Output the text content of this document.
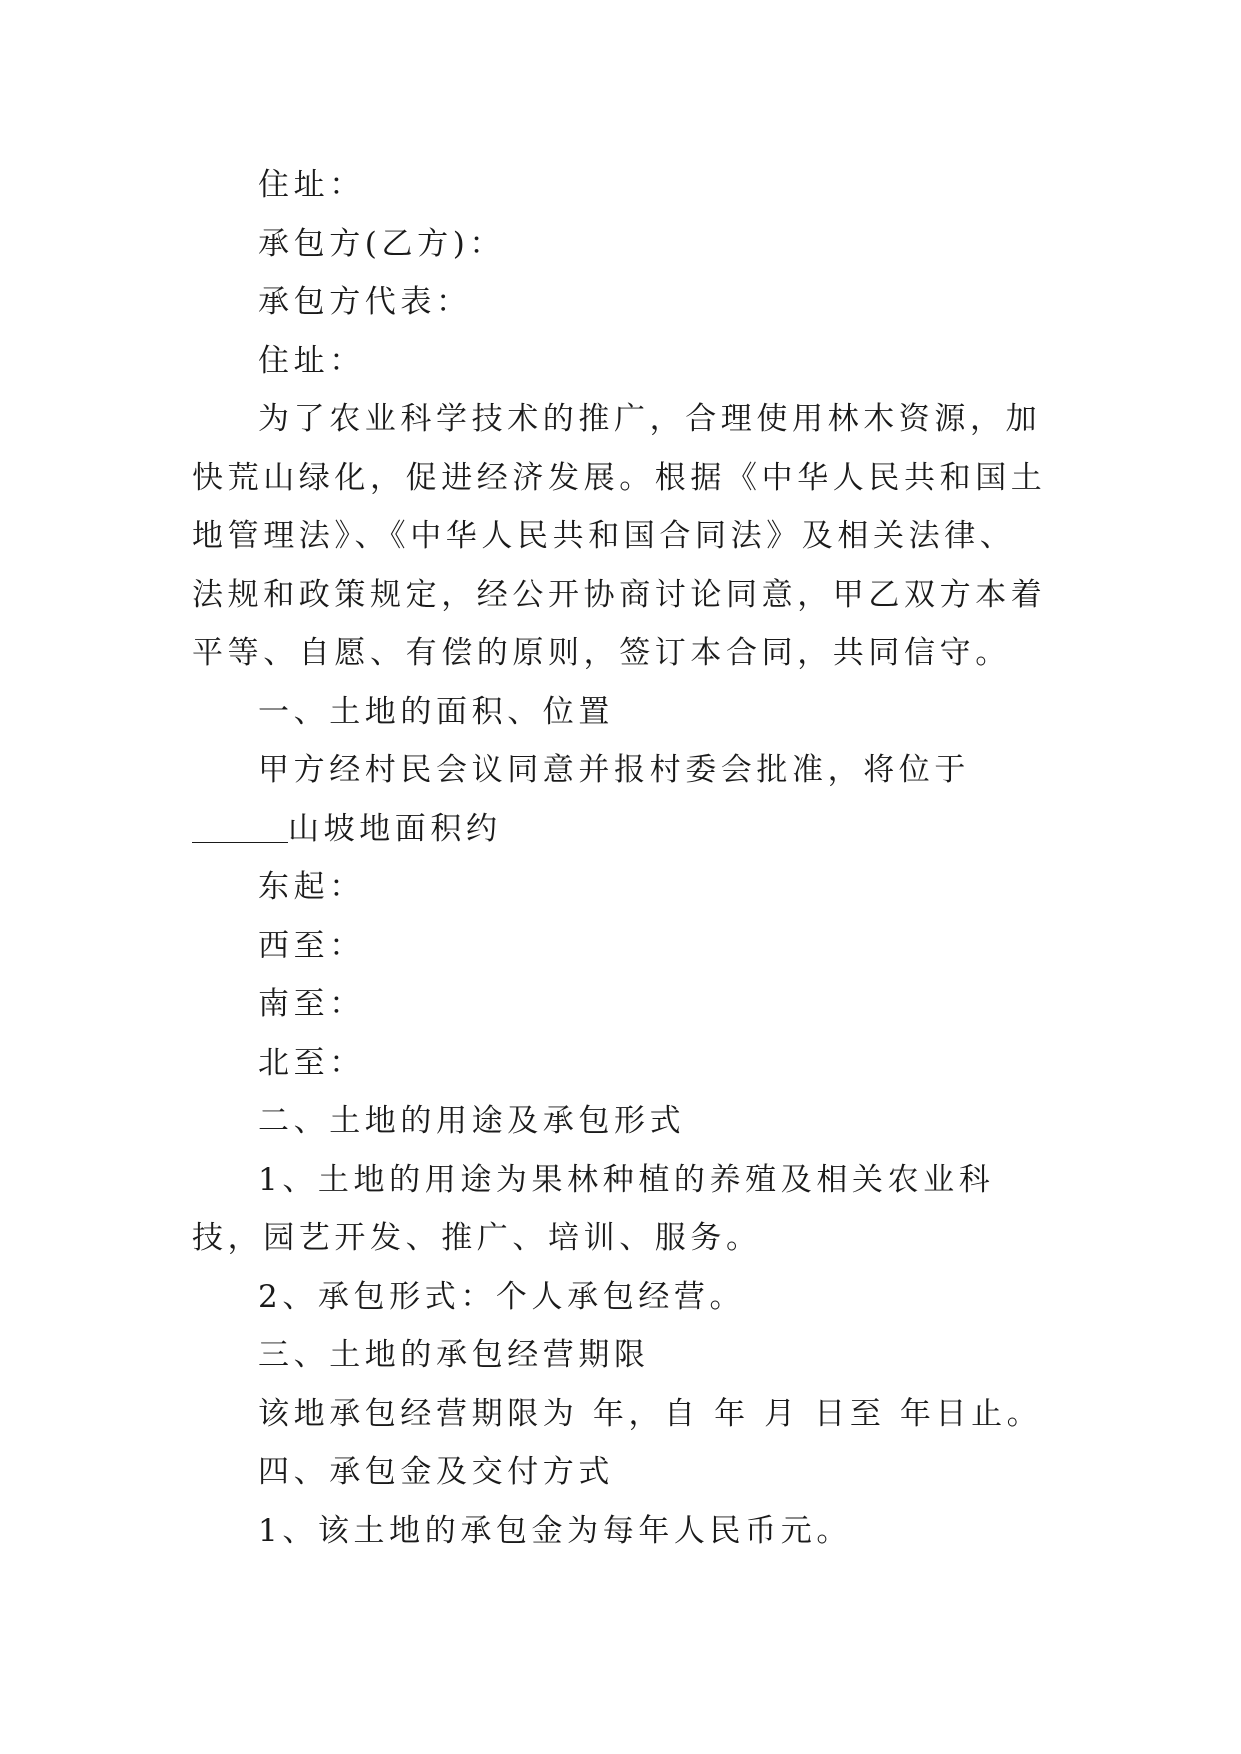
住址：

承包方(乙方)：

承包方代表：

住址：

为了农业科学技术的推广，合理使用林木资源，加快荒山绿化，促进经济发展。根据《中华人民共和国土地管理法》、《中华人民共和国合同法》及相关法律、法规和政策规定，经公开协商讨论同意，甲乙双方本着平等、自愿、有偿的原则，签订本合同，共同信守。

一、土地的面积、位置

甲方经村民会议同意并报村委会批准，将位于山坡地面积约

东起：

西至：

南至：

北至：

二、土地的用途及承包形式

1、土地的用途为果林种植的养殖及相关农业科技，园艺开发、推广、培训、服务。

2、承包形式：个人承包经营。

三、土地的承包经营期限

该地承包经营期限为 年，自 年 月 日至 年日止。

四、承包金及交付方式

1、该土地的承包金为每年人民币元。
